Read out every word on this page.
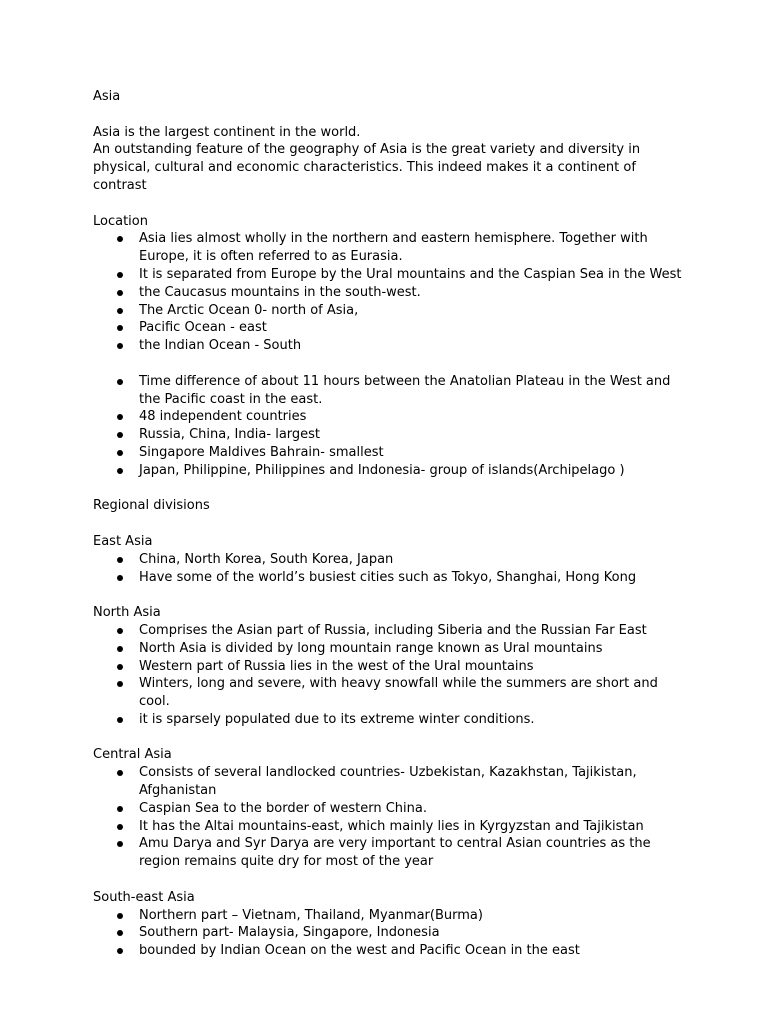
Asia

Asia is the largest continent in the world.

An outstanding feature of the geography of Asia is the great variety and diversity in physical, cultural and economic characteristics. This indeed makes it a continent of contrast

Location

Asia lies almost wholly in the northern and eastern hemisphere. Together with Europe, it is often referred to as Eurasia.
It is separated from Europe by the Ural mountains and the Caspian Sea in the West
the Caucasus mountains in the south-west.
The Arctic Ocean 0- north of Asia,
Pacific Ocean - east
the Indian Ocean - South
Time difference of about 11 hours between the Anatolian Plateau in the West and the Pacific coast in the east.
48 independent countries
Russia, China, India- largest
Singapore Maldives Bahrain- smallest
Japan, Philippine, Philippines and Indonesia- group of islands(Archipelago )

Regional divisions

East Asia

China, North Korea, South Korea, Japan
Have some of the world’s busiest cities such as Tokyo, Shanghai, Hong Kong

North Asia

Comprises the Asian part of Russia, including Siberia and the Russian Far East
North Asia is divided by long mountain range known as Ural mountains
Western part of Russia lies in the west of the Ural mountains
Winters, long and severe, with heavy snowfall while the summers are short and cool.
it is sparsely populated due to its extreme winter conditions.

Central Asia

Consists of several landlocked countries- Uzbekistan, Kazakhstan, Tajikistan, Afghanistan
Caspian Sea to the border of western China.
It has the Altai mountains-east, which mainly lies in Kyrgyzstan and Tajikistan
Amu Darya and Syr Darya are very important to central Asian countries as the region remains quite dry for most of the year

South-east Asia

Northern part – Vietnam, Thailand, Myanmar(Burma)
Southern part- Malaysia, Singapore, Indonesia
bounded by Indian Ocean on the west and Pacific Ocean in the east
